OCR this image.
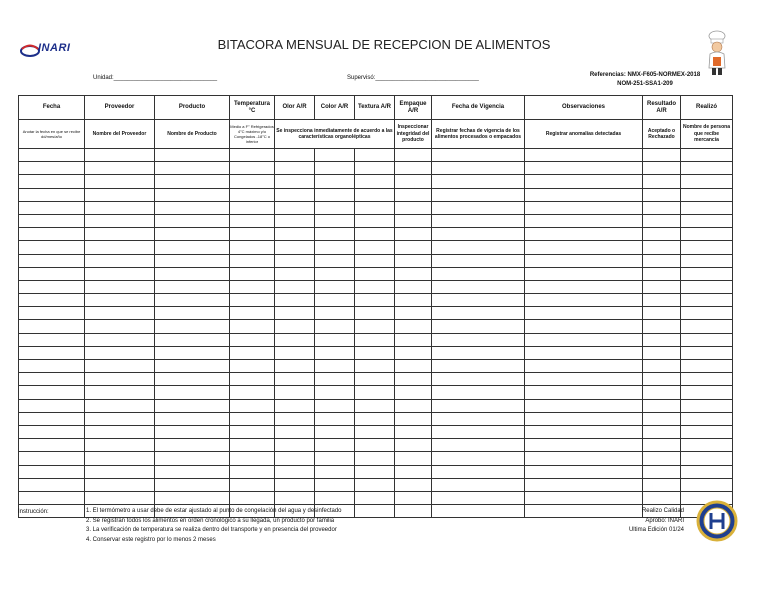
INARI	BITACORA MENSUAL DE RECEPCION DE ALIMENTOS
Unidad:_______________________________	Supervisó:_______________________________	Referencias: NMX-F605-NORMEX-2018
NOM-251-SSA1-209
Fecha	Proveedor	Producto	Temperatura °C	Olor A/R	Color A/R	Textura A/R	Empaque A/R	Fecha de Vigencia	Observaciones	Resultado A/R	Realizó

Anotar la fecha en que se recibe dd/mes/año	Nombre del Proveedor	Nombre de Producto	Medio a F° Refrigerados 4°C máximo y/o Congelados -18°C o inferior	Se inspecciona inmediatamente de acuerdo a las características organolépticas			Inspeccionar integridad del producto	Registrar fechas de vigencia de los alimentos procesados o empacados	Registrar anomalías detectadas	Aceptado o Rechazado	Nombre de persona que recibe mercancía

Instrucción:	1. El termómetro a usar debe de estar ajustado al punto de congelación del agua y desinfectado
2. Se registran todos los alimentos en orden cronológico a su llegada, un producto por familia
3. La verificación de temperatura se realiza dentro del transporte y en presencia del proveedor
4. Conservar este registro por lo menos 2 meses
Realizo Calidad
Aprobo: INARI
Ultima Edición 01/24
